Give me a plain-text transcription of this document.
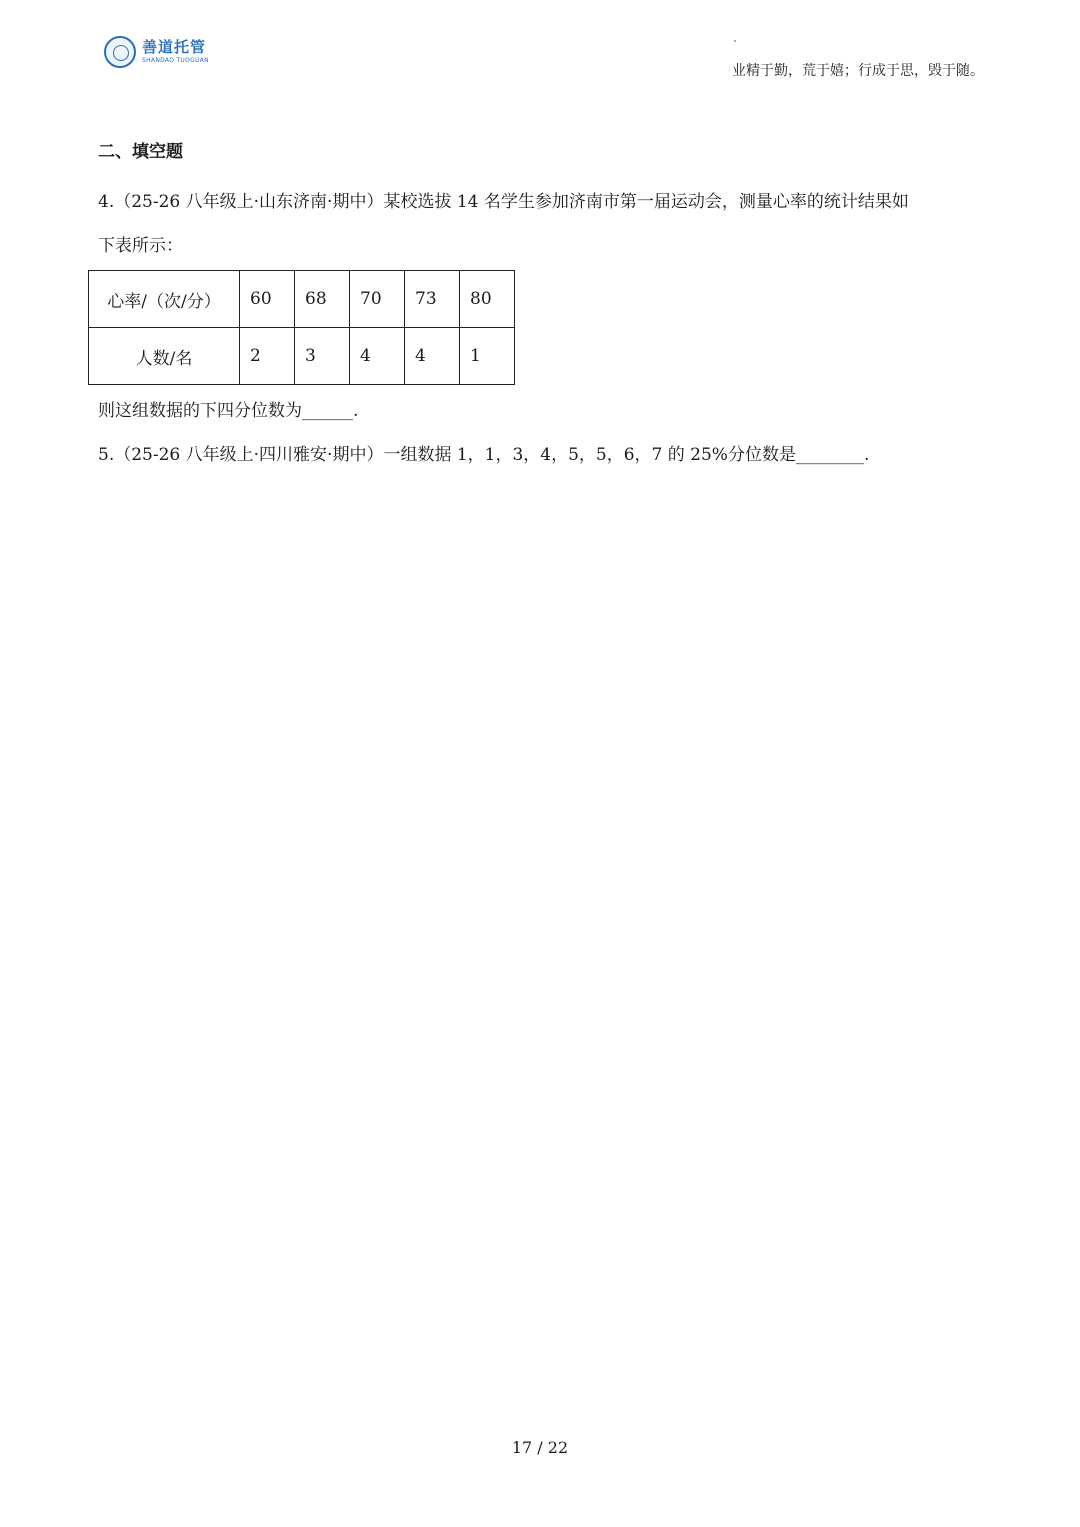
善道托管
SHANDAO TUOGUAN
业精于勤，荒于嬉；行成于思，毁于随。

二、填空题

4.（25-26 八年级上·山东济南·期中）某校选拔 14 名学生参加济南市第一届运动会，测量心率的统计结果如

下表所示：

心率/（次/分）	60	68	70	73	80
人数/名	2	3	4	4	1

则这组数据的下四分位数为______.

5.（25-26 八年级上·四川雅安·期中）一组数据 1，1，3，4，5，5，6，7 的 25%分位数是________.

17 / 22
